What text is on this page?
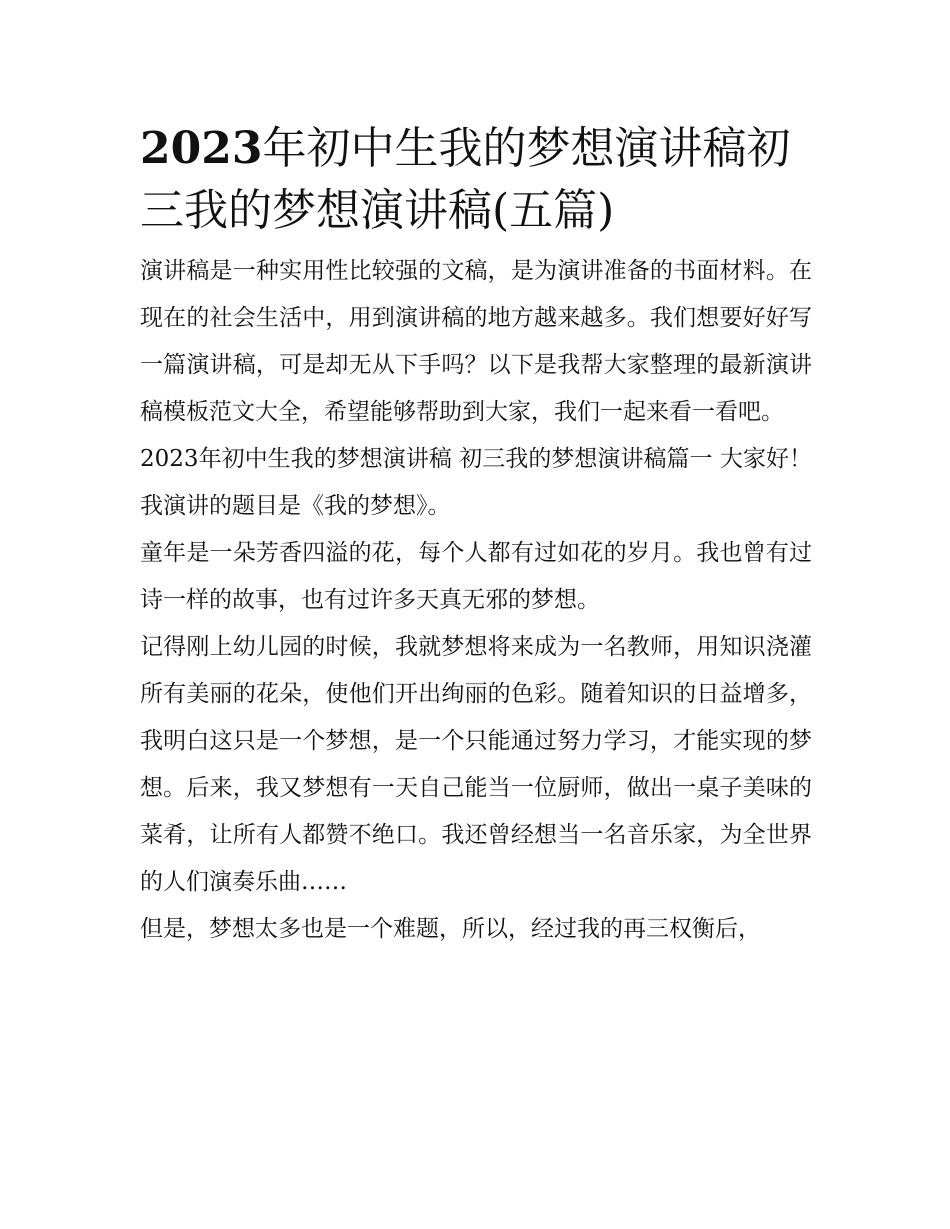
2023年初中生我的梦想演讲稿初三我的梦想演讲稿(五篇)

演讲稿是一种实用性比较强的文稿，是为演讲准备的书面材料。在现在的社会生活中，用到演讲稿的地方越来越多。我们想要好好写一篇演讲稿，可是却无从下手吗？以下是我帮大家整理的最新演讲稿模板范文大全，希望能够帮助到大家，我们一起来看一看吧。

2023年初中生我的梦想演讲稿 初三我的梦想演讲稿篇一 大家好！ 我演讲的题目是《我的梦想》。

童年是一朵芳香四溢的花，每个人都有过如花的岁月。我也曾有过诗一样的故事，也有过许多天真无邪的梦想。

记得刚上幼儿园的时候，我就梦想将来成为一名教师，用知识浇灌所有美丽的花朵，使他们开出绚丽的色彩。随着知识的日益增多，我明白这只是一个梦想，是一个只能通过努力学习，才能实现的梦想。后来，我又梦想有一天自己能当一位厨师，做出一桌子美味的菜肴，让所有人都赞不绝口。我还曾经想当一名音乐家，为全世界的人们演奏乐曲……

但是，梦想太多也是一个难题，所以，经过我的再三权衡后，
